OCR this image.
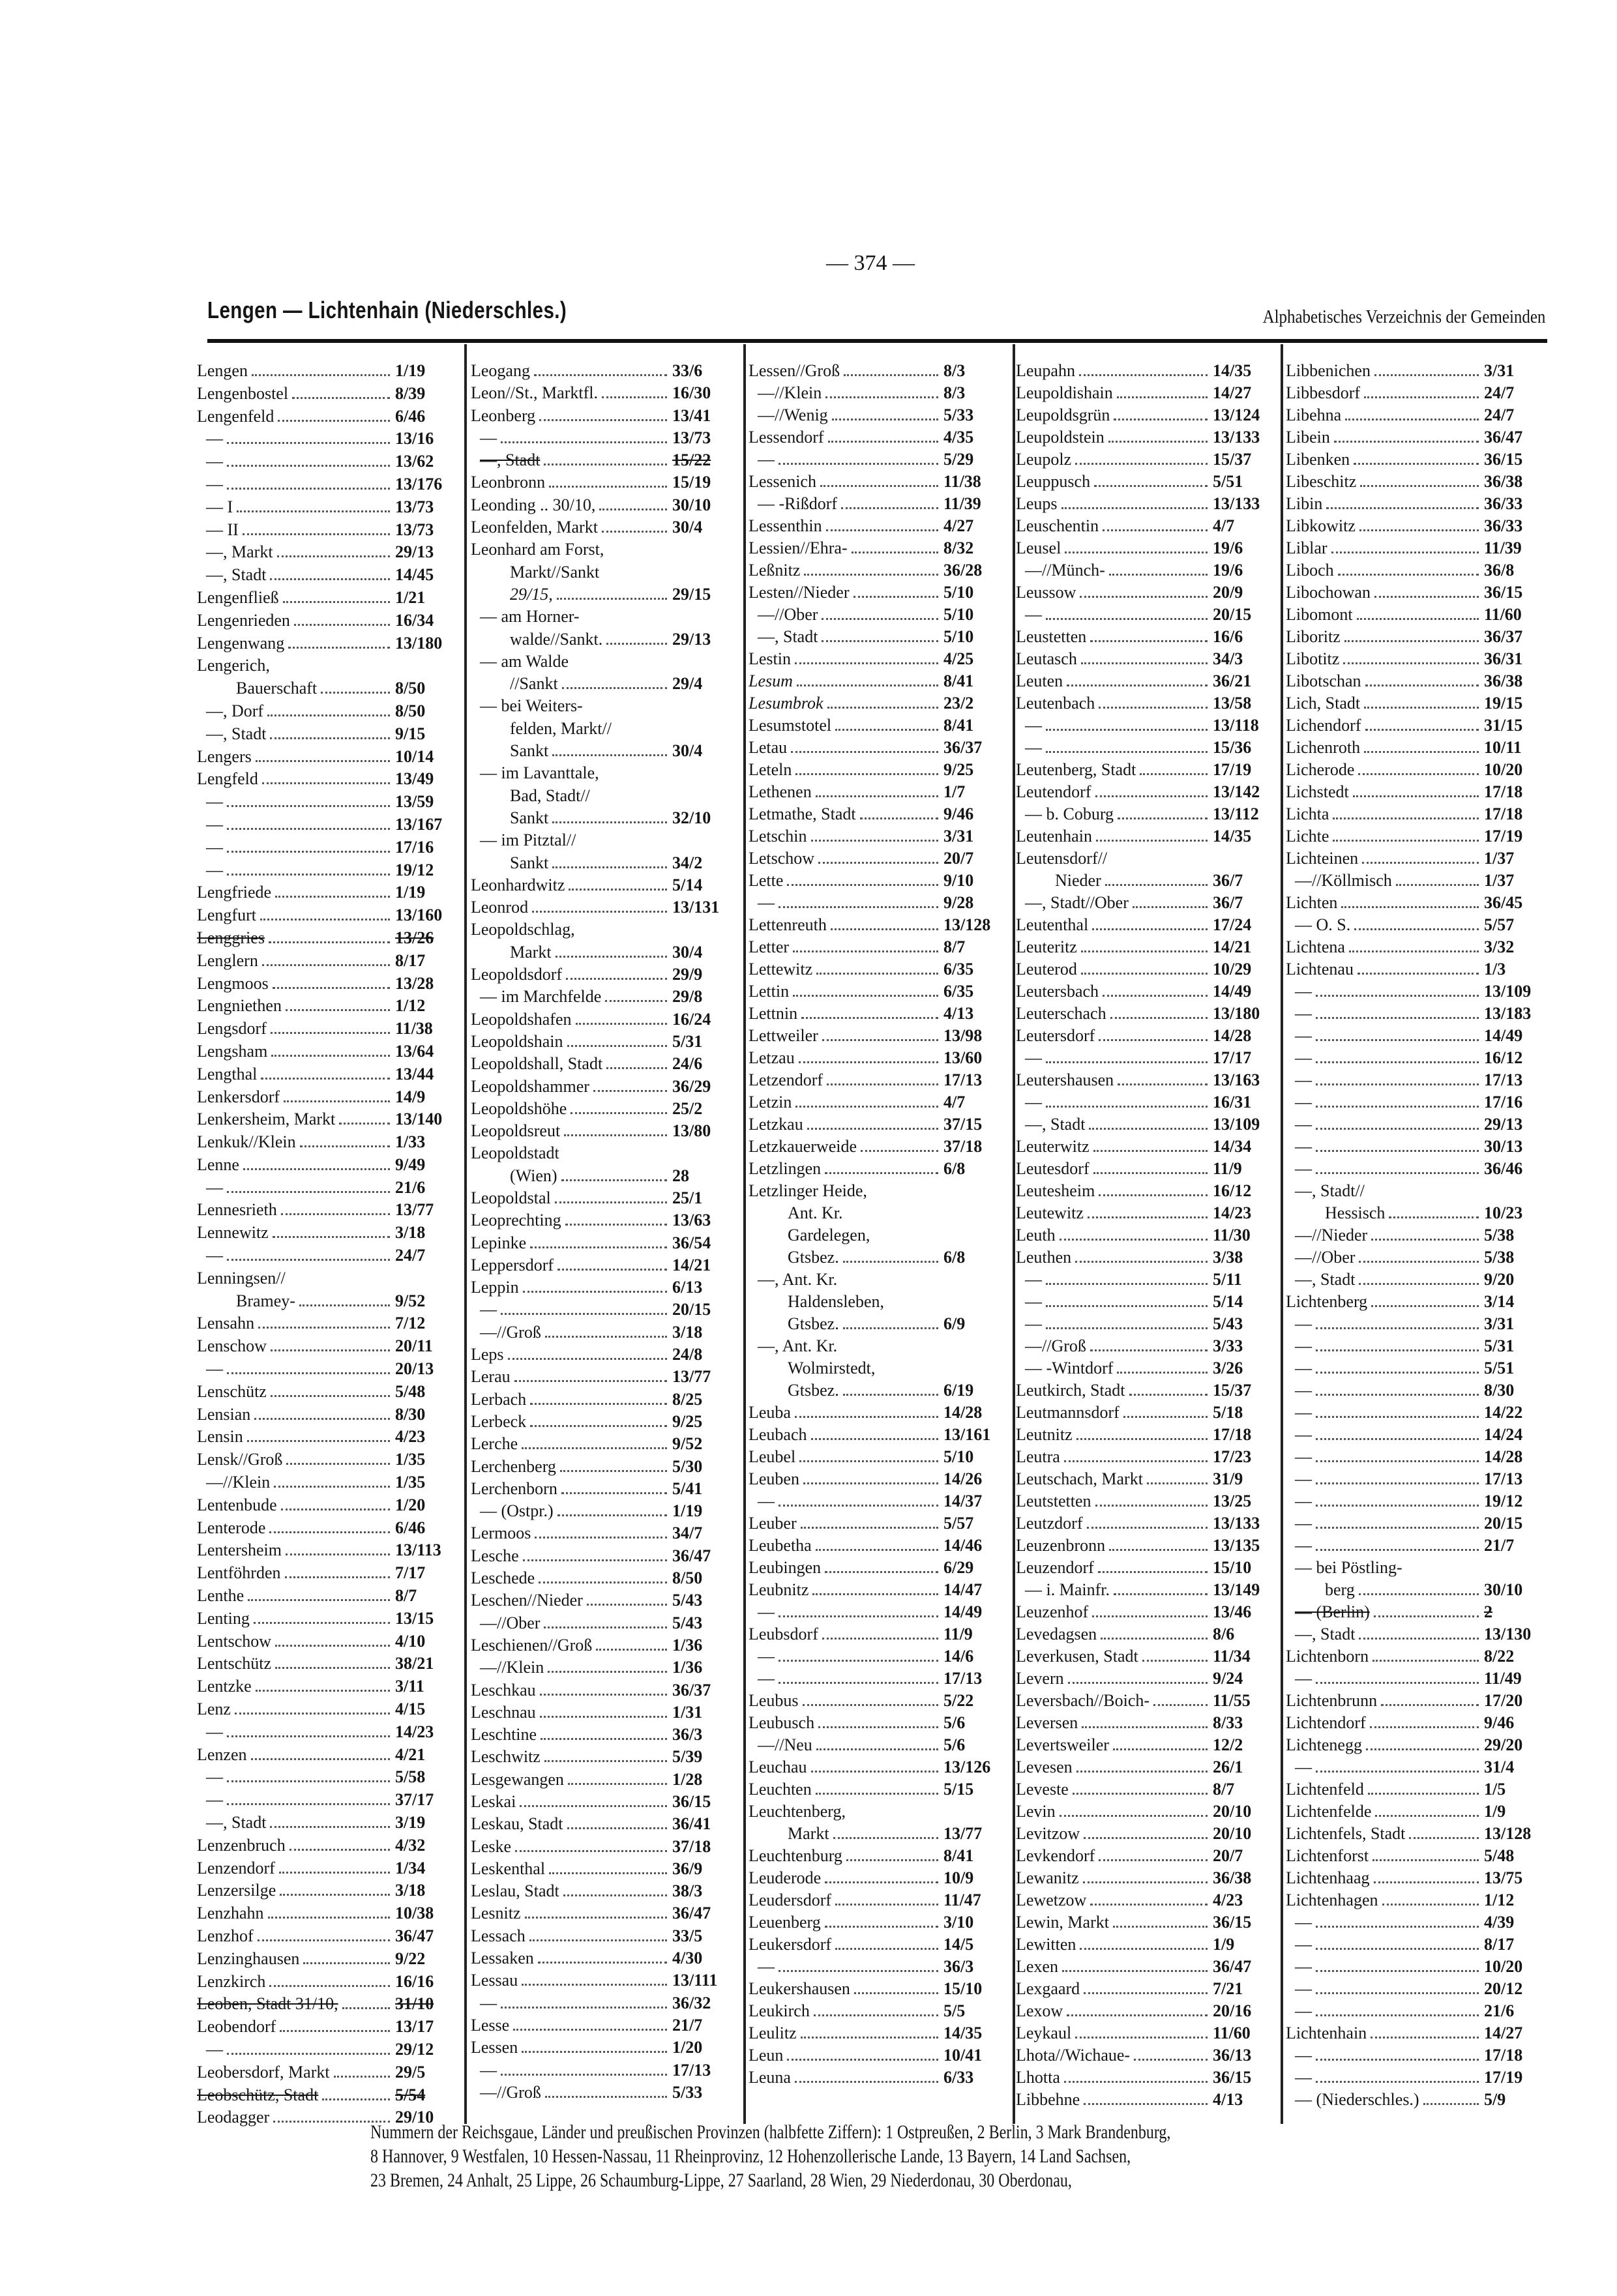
— 374 —
Lengen — Lichtenhain (Niederschles.)	Alphabetisches Verzeichnis der Gemeinden
Lengen	1/19
Lengenbostel	8/39
Lengenfeld	6/46
—	13/16
—	13/62
—	13/176
— I	13/73
— II	13/73
—, Markt	29/13
—, Stadt	14/45
Lengenfließ	1/21
Lengenrieden	16/34
Lengenwang	13/180
Lengerich,
Bauerschaft	8/50
—, Dorf	8/50
—, Stadt	9/15
Lengers	10/14
Lengfeld	13/49
—	13/59
—	13/167
—	17/16
—	19/12
Lengfriede	1/19
Lengfurt	13/160
Lenggries	13/26
Lenglern	8/17
Lengmoos	13/28
Lengniethen	1/12
Lengsdorf	11/38
Lengsham	13/64
Lengthal	13/44
Lenkersdorf	14/9
Lenkersheim, Markt	13/140
Lenkuk//Klein	1/33
Lenne	9/49
—	21/6
Lennesrieth	13/77
Lennewitz	3/18
—	24/7
Lenningsen//
Bramey-	9/52
Lensahn	7/12
Lenschow	20/11
—	20/13
Lenschütz	5/48
Lensian	8/30
Lensin	4/23
Lensk//Groß	1/35
—//Klein	1/35
Lentenbude	1/20
Lenterode	6/46
Lentersheim	13/113
Lentföhrden	7/17
Lenthe	8/7
Lenting	13/15
Lentschow	4/10
Lentschütz	38/21
Lentzke	3/11
Lenz	4/15
—	14/23
Lenzen	4/21
—	5/58
—	37/17
—, Stadt	3/19
Lenzenbruch	4/32
Lenzendorf	1/34
Lenzersilge	3/18
Lenzhahn	10/38
Lenzhof	36/47
Lenzinghausen	9/22
Lenzkirch	16/16
Leoben, Stadt 31/10,	31/10
Leobendorf	13/17
—	29/12
Leobersdorf, Markt	29/5
Leobschütz, Stadt	5/54
Leodagger	29/10
Leogang	33/6
Leon//St., Marktfl.	16/30
Leonberg	13/41
—	13/73
—, Stadt	15/22
Leonbronn	15/19
Leonding .. 30/10,	30/10
Leonfelden, Markt	30/4
Leonhard am Forst,
Markt//Sankt
29/15,	29/15
— am Horner-
walde//Sankt.	29/13
— am Walde
//Sankt	29/4
— bei Weiters-
felden, Markt//
Sankt	30/4
— im Lavanttale,
Bad, Stadt//
Sankt	32/10
— im Pitztal//
Sankt	34/2
Leonhardwitz	5/14
Leonrod	13/131
Leopoldschlag,
Markt	30/4
Leopoldsdorf	29/9
— im Marchfelde	29/8
Leopoldshafen	16/24
Leopoldshain	5/31
Leopoldshall, Stadt	24/6
Leopoldshammer	36/29
Leopoldshöhe	25/2
Leopoldsreut	13/80
Leopoldstadt
(Wien)	28
Leopoldstal	25/1
Leoprechting	13/63
Lepinke	36/54
Leppersdorf	14/21
Leppin	6/13
—	20/15
—//Groß	3/18
Leps	24/8
Lerau	13/77
Lerbach	8/25
Lerbeck	9/25
Lerche	9/52
Lerchenberg	5/30
Lerchenborn	5/41
— (Ostpr.)	1/19
Lermoos	34/7
Lesche	36/47
Leschede	8/50
Leschen//Nieder	5/43
—//Ober	5/43
Leschienen//Groß	1/36
—//Klein	1/36
Leschkau	36/37
Leschnau	1/31
Leschtine	36/3
Leschwitz	5/39
Lesgewangen	1/28
Leskai	36/15
Leskau, Stadt	36/41
Leske	37/18
Leskenthal	36/9
Leslau, Stadt	38/3
Lesnitz	36/47
Lessach	33/5
Lessaken	4/30
Lessau	13/111
—	36/32
Lesse	21/7
Lessen	1/20
—	17/13
—//Groß	5/33
Lessen//Groß	8/3
—//Klein	8/3
—//Wenig	5/33
Lessendorf	4/35
—	5/29
Lessenich	11/38
— -Rißdorf	11/39
Lessenthin	4/27
Lessien//Ehra-	8/32
Leßnitz	36/28
Lesten//Nieder	5/10
—//Ober	5/10
—, Stadt	5/10
Lestin	4/25
Lesum	8/41
Lesumbrok	23/2
Lesumstotel	8/41
Letau	36/37
Leteln	9/25
Lethenen	1/7
Letmathe, Stadt	9/46
Letschin	3/31
Letschow	20/7
Lette	9/10
—	9/28
Lettenreuth	13/128
Letter	8/7
Lettewitz	6/35
Lettin	6/35
Lettnin	4/13
Lettweiler	13/98
Letzau	13/60
Letzendorf	17/13
Letzin	4/7
Letzkau	37/15
Letzkauerweide	37/18
Letzlingen	6/8
Letzlinger Heide,
Ant. Kr.
Gardelegen,
Gtsbez.	6/8
—, Ant. Kr.
Haldensleben,
Gtsbez.	6/9
—, Ant. Kr.
Wolmirstedt,
Gtsbez.	6/19
Leuba	14/28
Leubach	13/161
Leubel	5/10
Leuben	14/26
—	14/37
Leuber	5/57
Leubetha	14/46
Leubingen	6/29
Leubnitz	14/47
—	14/49
Leubsdorf	11/9
—	14/6
—	17/13
Leubus	5/22
Leubusch	5/6
—//Neu	5/6
Leuchau	13/126
Leuchten	5/15
Leuchtenberg,
Markt	13/77
Leuchtenburg	8/41
Leuderode	10/9
Leudersdorf	11/47
Leuenberg	3/10
Leukersdorf	14/5
—	36/3
Leukershausen	15/10
Leukirch	5/5
Leulitz	14/35
Leun	10/41
Leuna	6/33
Leupahn	14/35
Leupoldishain	14/27
Leupoldsgrün	13/124
Leupoldstein	13/133
Leupolz	15/37
Leuppusch	5/51
Leups	13/133
Leuschentin	4/7
Leusel	19/6
—//Münch-	19/6
Leussow	20/9
—	20/15
Leustetten	16/6
Leutasch	34/3
Leuten	36/21
Leutenbach	13/58
—	13/118
—	15/36
Leutenberg, Stadt	17/19
Leutendorf	13/142
— b. Coburg	13/112
Leutenhain	14/35
Leutensdorf//
Nieder	36/7
—, Stadt//Ober	36/7
Leutenthal	17/24
Leuteritz	14/21
Leuterod	10/29
Leutersbach	14/49
Leuterschach	13/180
Leutersdorf	14/28
—	17/17
Leutershausen	13/163
—	16/31
—, Stadt	13/109
Leuterwitz	14/34
Leutesdorf	11/9
Leutesheim	16/12
Leutewitz	14/23
Leuth	11/30
Leuthen	3/38
—	5/11
—	5/14
—	5/43
—//Groß	3/33
— -Wintdorf	3/26
Leutkirch, Stadt	15/37
Leutmannsdorf	5/18
Leutnitz	17/18
Leutra	17/23
Leutschach, Markt	31/9
Leutstetten	13/25
Leutzdorf	13/133
Leuzenbronn	13/135
Leuzendorf	15/10
— i. Mainfr.	13/149
Leuzenhof	13/46
Levedagsen	8/6
Leverkusen, Stadt	11/34
Levern	9/24
Leversbach//Boich-	11/55
Leversen	8/33
Levertsweiler	12/2
Levesen	26/1
Leveste	8/7
Levin	20/10
Levitzow	20/10
Levkendorf	20/7
Lewanitz	36/38
Lewetzow	4/23
Lewin, Markt	36/15
Lewitten	1/9
Lexen	36/47
Lexgaard	7/21
Lexow	20/16
Leykaul	11/60
Lhota//Wichaue-	36/13
Lhotta	36/15
Libbehne	4/13
Libbenichen	3/31
Libbesdorf	24/7
Libehna	24/7
Libein	36/47
Libenken	36/15
Libeschitz	36/38
Libin	36/33
Libkowitz	36/33
Liblar	11/39
Liboch	36/8
Libochowan	36/15
Libomont	11/60
Liboritz	36/37
Libotitz	36/31
Libotschan	36/38
Lich, Stadt	19/15
Lichendorf	31/15
Lichenroth	10/11
Licherode	10/20
Lichstedt	17/18
Lichta	17/18
Lichte	17/19
Lichteinen	1/37
—//Köllmisch	1/37
Lichten	36/45
— O. S.	5/57
Lichtena	3/32
Lichtenau	1/3
—	13/109
—	13/183
—	14/49
—	16/12
—	17/13
—	17/16
—	29/13
—	30/13
—	36/46
—, Stadt//
Hessisch	10/23
—//Nieder	5/38
—//Ober	5/38
—, Stadt	9/20
Lichtenberg	3/14
—	3/31
—	5/31
—	5/51
—	8/30
—	14/22
—	14/24
—	14/28
—	17/13
—	19/12
—	20/15
—	21/7
— bei Pöstling-
berg	30/10
— (Berlin)	2
—, Stadt	13/130
Lichtenborn	8/22
—	11/49
Lichtenbrunn	17/20
Lichtendorf	9/46
Lichtenegg	29/20
—	31/4
Lichtenfeld	1/5
Lichtenfelde	1/9
Lichtenfels, Stadt	13/128
Lichtenforst	5/48
Lichtenhaag	13/75
Lichtenhagen	1/12
—	4/39
—	8/17
—	10/20
—	20/12
—	21/6
Lichtenhain	14/27
—	17/18
—	17/19
— (Niederschles.)	5/9
Nummern der Reichsgaue, Länder und preußischen Provinzen (halbfette Ziffern): 1 Ostpreußen, 2 Berlin, 3 Mark Brandenburg,
8 Hannover, 9 Westfalen, 10 Hessen-Nassau, 11 Rheinprovinz, 12 Hohenzollerische Lande, 13 Bayern, 14 Land Sachsen,
23 Bremen, 24 Anhalt, 25 Lippe, 26 Schaumburg-Lippe, 27 Saarland, 28 Wien, 29 Niederdonau, 30 Oberdonau,
